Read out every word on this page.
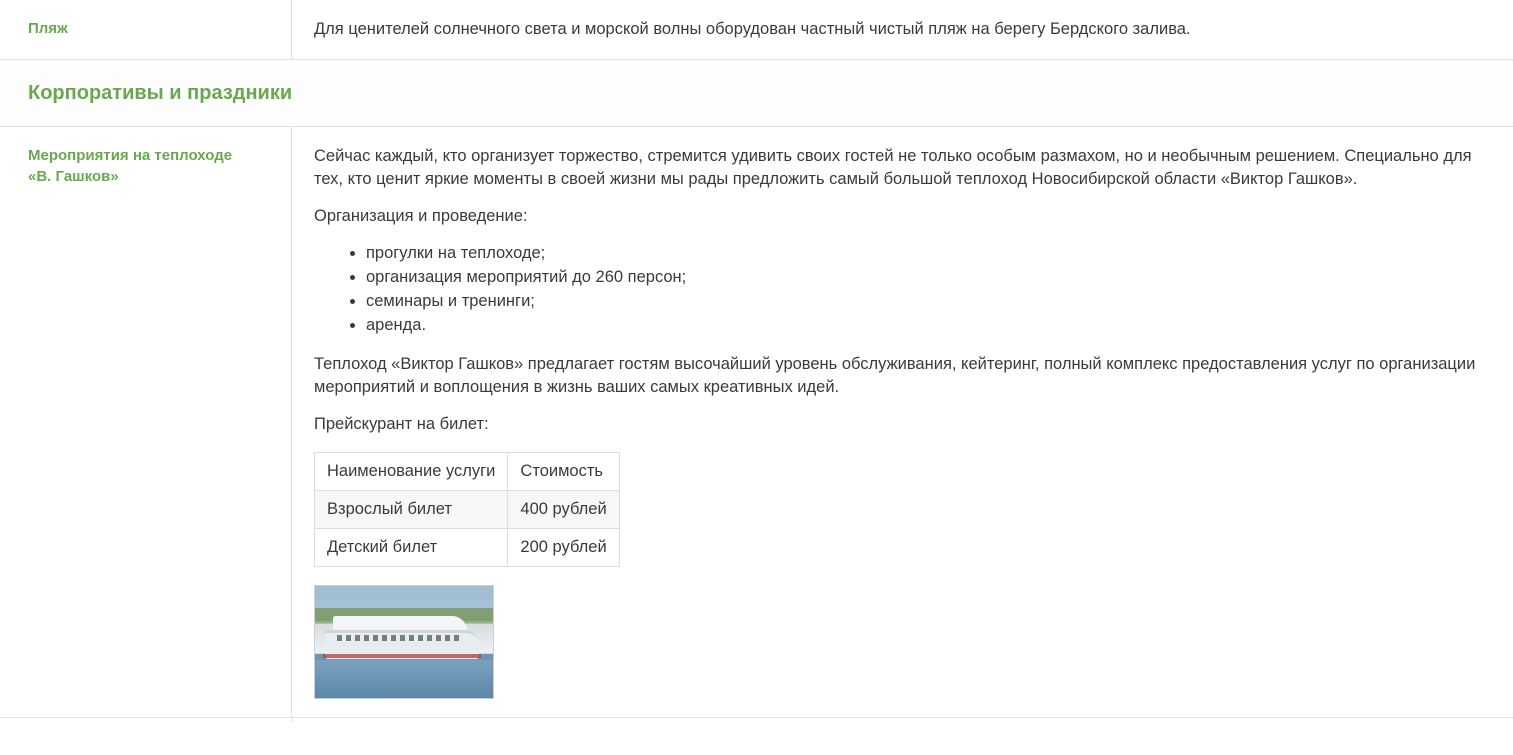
Пляж	Для ценителей солнечного света и морской волны оборудован частный чистый пляж на берегу Бердского залива.

Корпоративы и праздники
Мероприятия на теплоходе
«В. Гашков»

Сейчас каждый, кто организует торжество, стремится удивить своих гостей не только особым размахом, но и необычным решением. Специально для тех, кто ценит яркие моменты в своей жизни мы рады предложить самый большой теплоход Новосибирской области «Виктор Гашков».

Организация и проведение:

• прогулки на теплоходе;
• организация мероприятий до 260 персон;
• семинары и тренинги;
• аренда.

Теплоход «Виктор Гашков» предлагает гостям высочайший уровень обслуживания, кейтеринг, полный комплекс предоставления услуг по организации мероприятий и воплощения в жизнь ваших самых креативных идей.

Прейскурант на билет:

Наименование услуги	Стоимость
Взрослый билет	400 рублей
Детский билет	200 рублей
